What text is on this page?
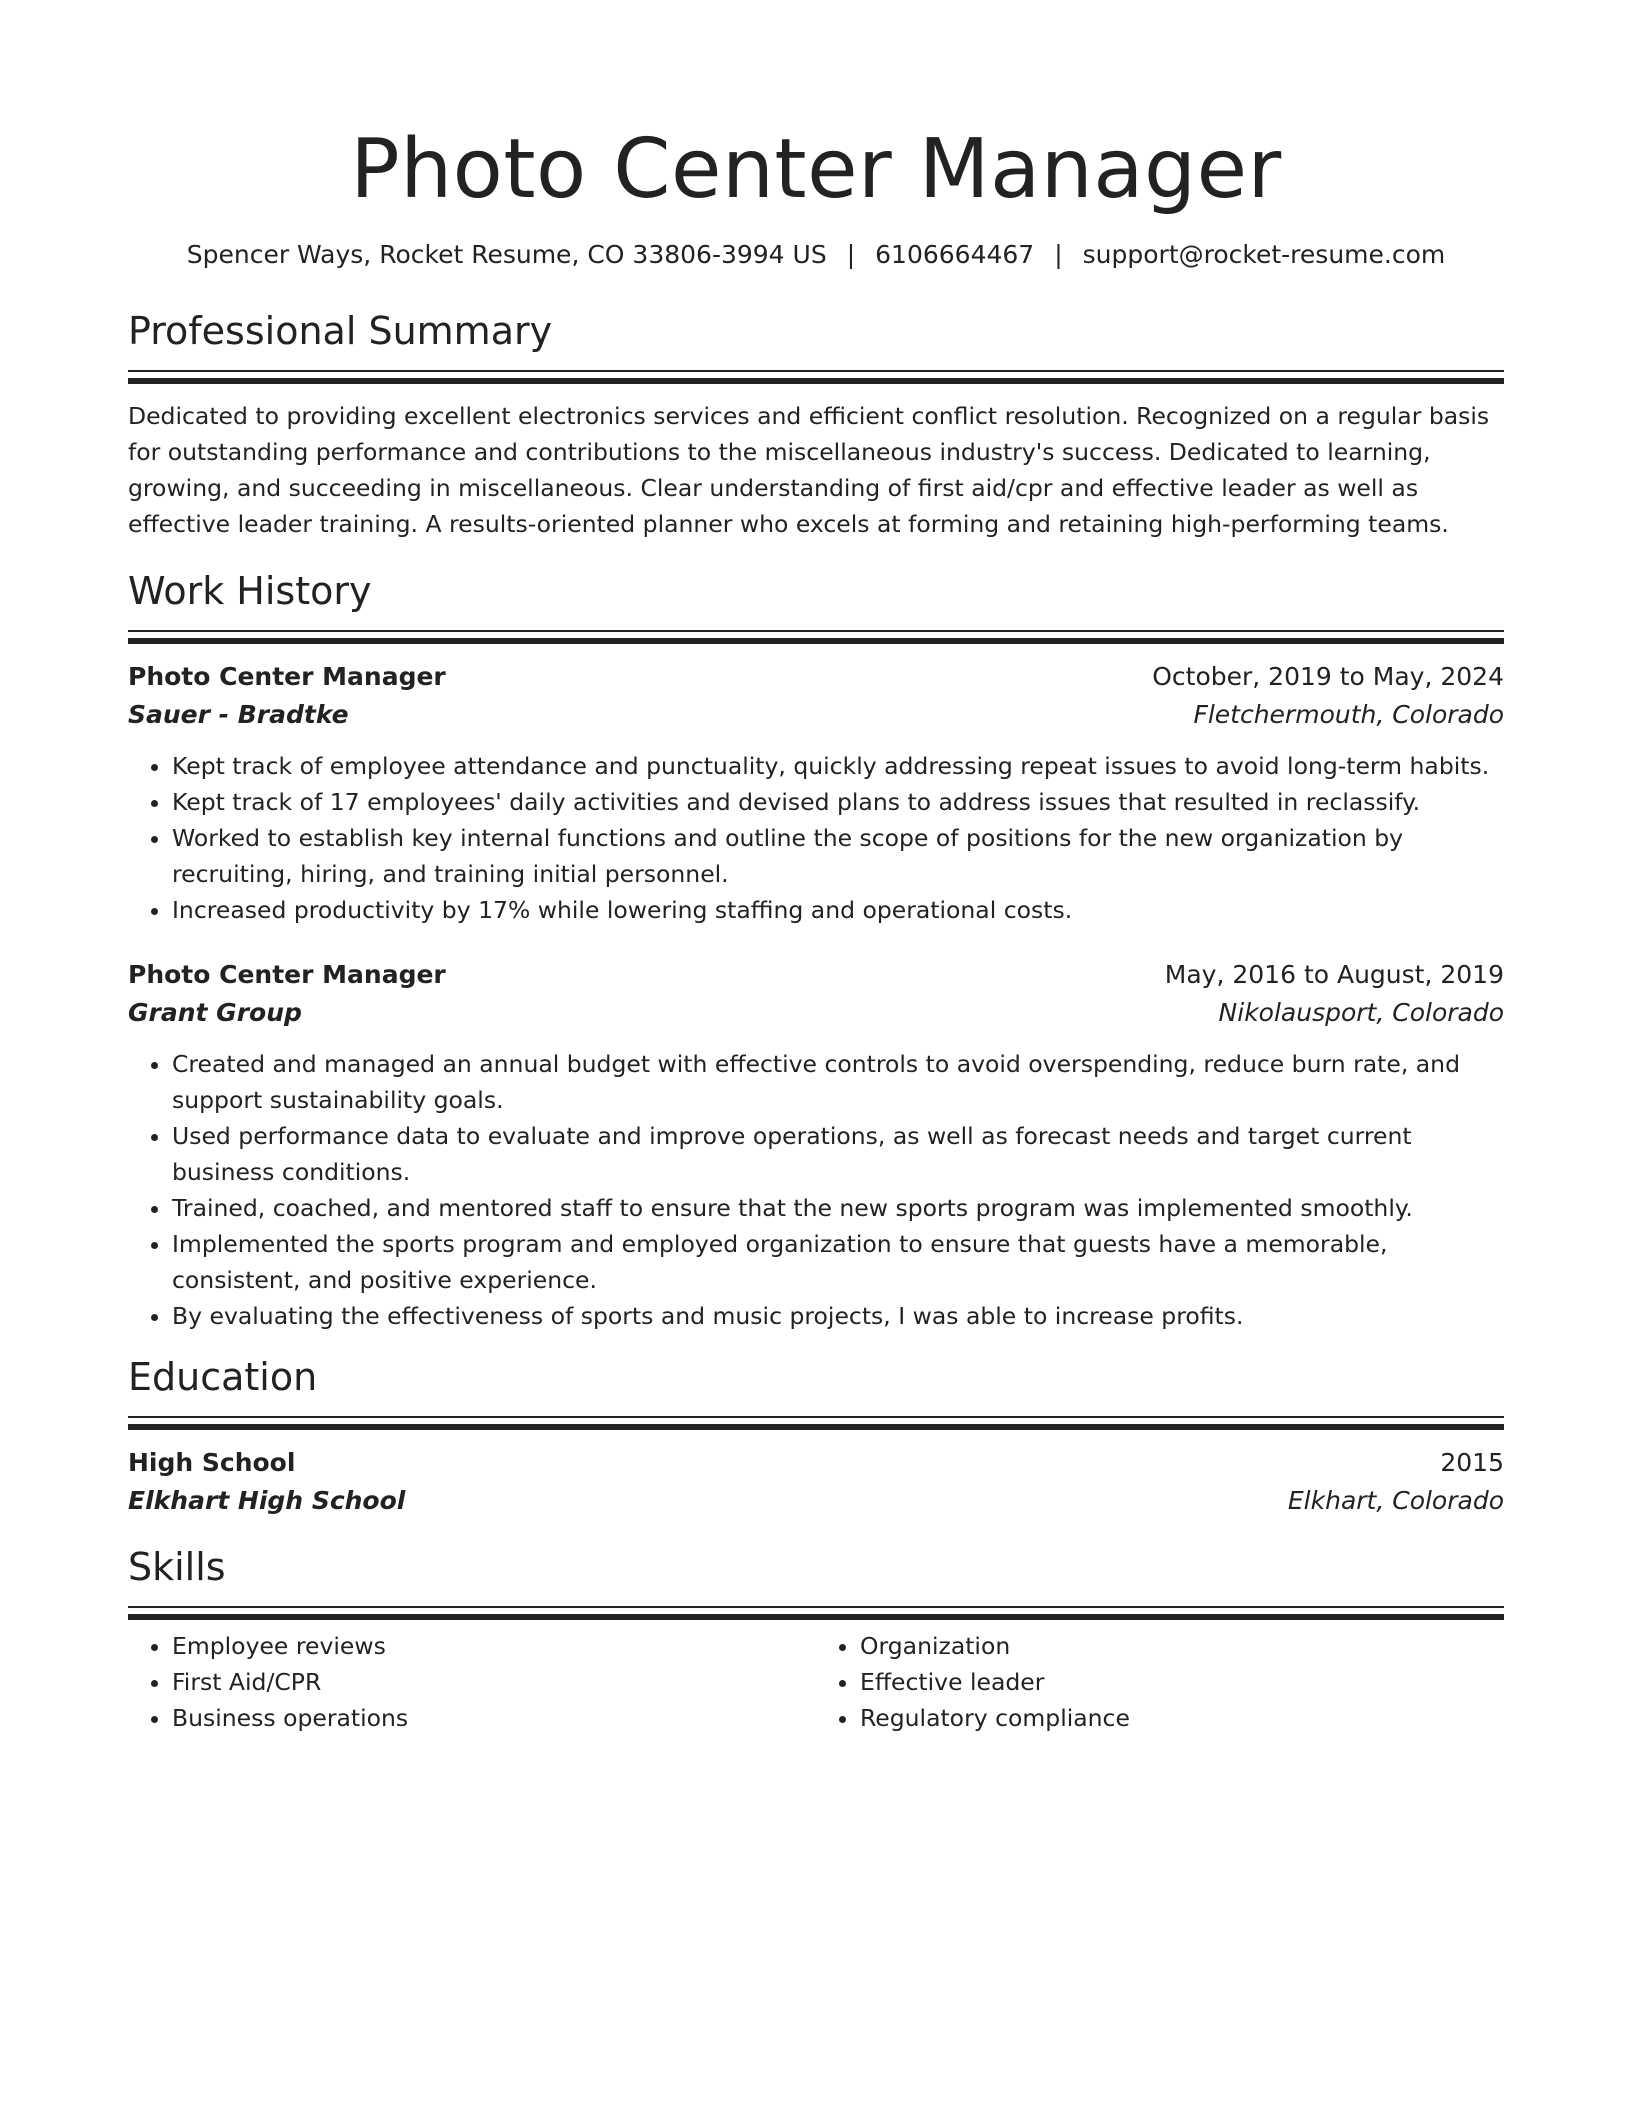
Photo Center Manager
Spencer Ways, Rocket Resume, CO 33806-3994 US | 6106664467 | support@rocket-resume.com
Professional Summary

Dedicated to providing excellent electronics services and efficient conflict resolution. Recognized on a regular basis for outstanding performance and contributions to the miscellaneous industry's success. Dedicated to learning, growing, and succeeding in miscellaneous. Clear understanding of first aid/cpr and effective leader as well as effective leader training. A results-oriented planner who excels at forming and retaining high-performing teams.

Work History
Photo Center Manager	October, 2019 to May, 2024
Sauer - Bradtke	Fletchermouth, Colorado
• Kept track of employee attendance and punctuality, quickly addressing repeat issues to avoid long-term habits.
• Kept track of 17 employees' daily activities and devised plans to address issues that resulted in reclassify.
• Worked to establish key internal functions and outline the scope of positions for the new organization by recruiting, hiring, and training initial personnel.
• Increased productivity by 17% while lowering staffing and operational costs.
Photo Center Manager	May, 2016 to August, 2019
Grant Group	Nikolausport, Colorado
• Created and managed an annual budget with effective controls to avoid overspending, reduce burn rate, and support sustainability goals.
• Used performance data to evaluate and improve operations, as well as forecast needs and target current business conditions.
• Trained, coached, and mentored staff to ensure that the new sports program was implemented smoothly.
• Implemented the sports program and employed organization to ensure that guests have a memorable, consistent, and positive experience.
• By evaluating the effectiveness of sports and music projects, I was able to increase profits.
Education
High School	2015
Elkhart High School	Elkhart, Colorado
Skills
• Employee reviews
• First Aid/CPR
• Business operations
• Organization
• Effective leader
• Regulatory compliance
